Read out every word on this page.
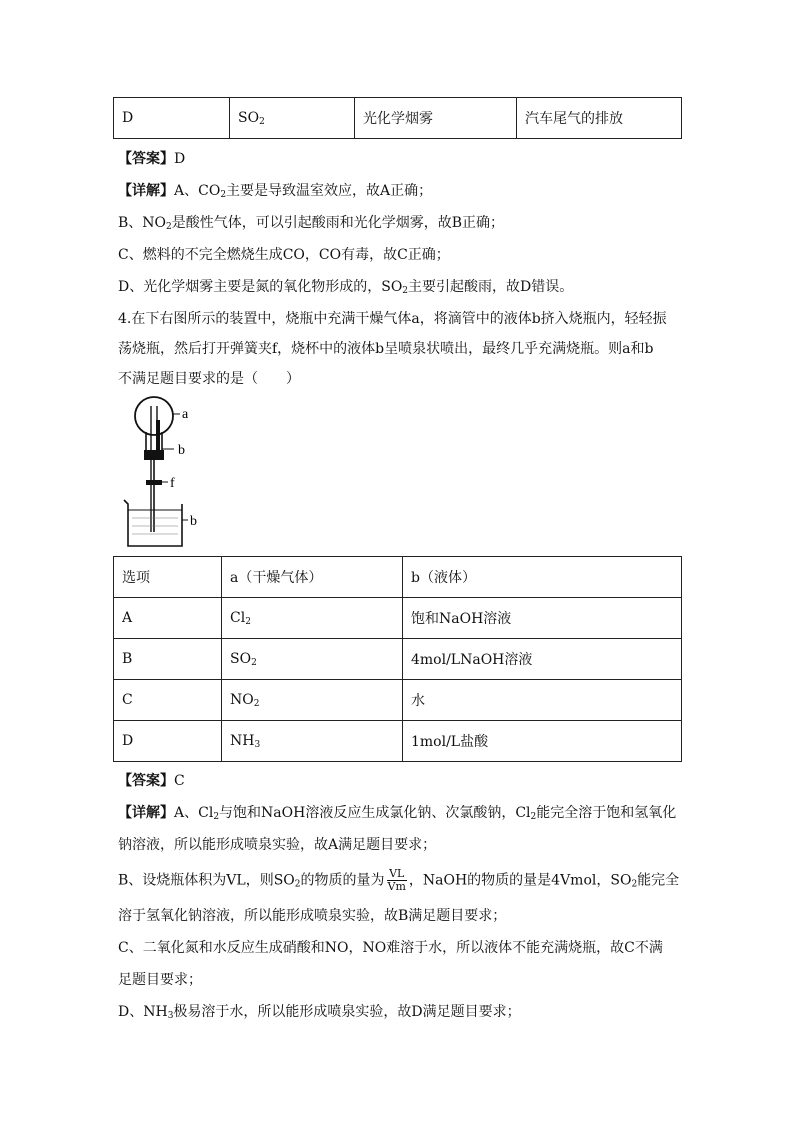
D	$SO_2$	光化学烟雾	汽车尾气的排放
【答案】D
【详解】A、$CO_2$主要是导致温室效应，故A正确；
B、$NO_2$是酸性气体，可以引起酸雨和光化学烟雾，故B正确；
C、燃料的不完全燃烧生成CO，CO有毒，故C正确；
D、光化学烟雾主要是氮的氧化物形成的，$SO_2$主要引起酸雨，故D错误。
4.在下右图所示的装置中，烧瓶中充满干燥气体a，将滴管中的液体b挤入烧瓶内，轻轻振
荡烧瓶，然后打开弹簧夹f，烧杯中的液体b呈喷泉状喷出，最终几乎充满烧瓶。则a和b
不满足题目要求的是（　　）
a
b
f
b
选项	a（干燥气体）	b（液体）
A	$Cl_2$	饱和NaOH溶液
B	$SO_2$	4mol/LNaOH溶液
C	$NO_2$	水
D	$NH_3$	1mol/L盐酸
【答案】C
【详解】A、$Cl_2$与饱和NaOH溶液反应生成氯化钠、次氯酸钠，$Cl_2$能完全溶于饱和氢氧化
钠溶液，所以能形成喷泉实验，故A满足题目要求；
B、设烧瓶体积为VL，则$SO_2$的物质的量为 $\frac{VL}{Vm}$ ，NaOH的物质的量是4Vmol，$SO_2$能完全
溶于氢氧化钠溶液，所以能形成喷泉实验，故B满足题目要求；
C、二氧化氮和水反应生成硝酸和NO，NO难溶于水，所以液体不能充满烧瓶，故C不满
足题目要求；
D、$NH_3$极易溶于水，所以能形成喷泉实验，故D满足题目要求；
